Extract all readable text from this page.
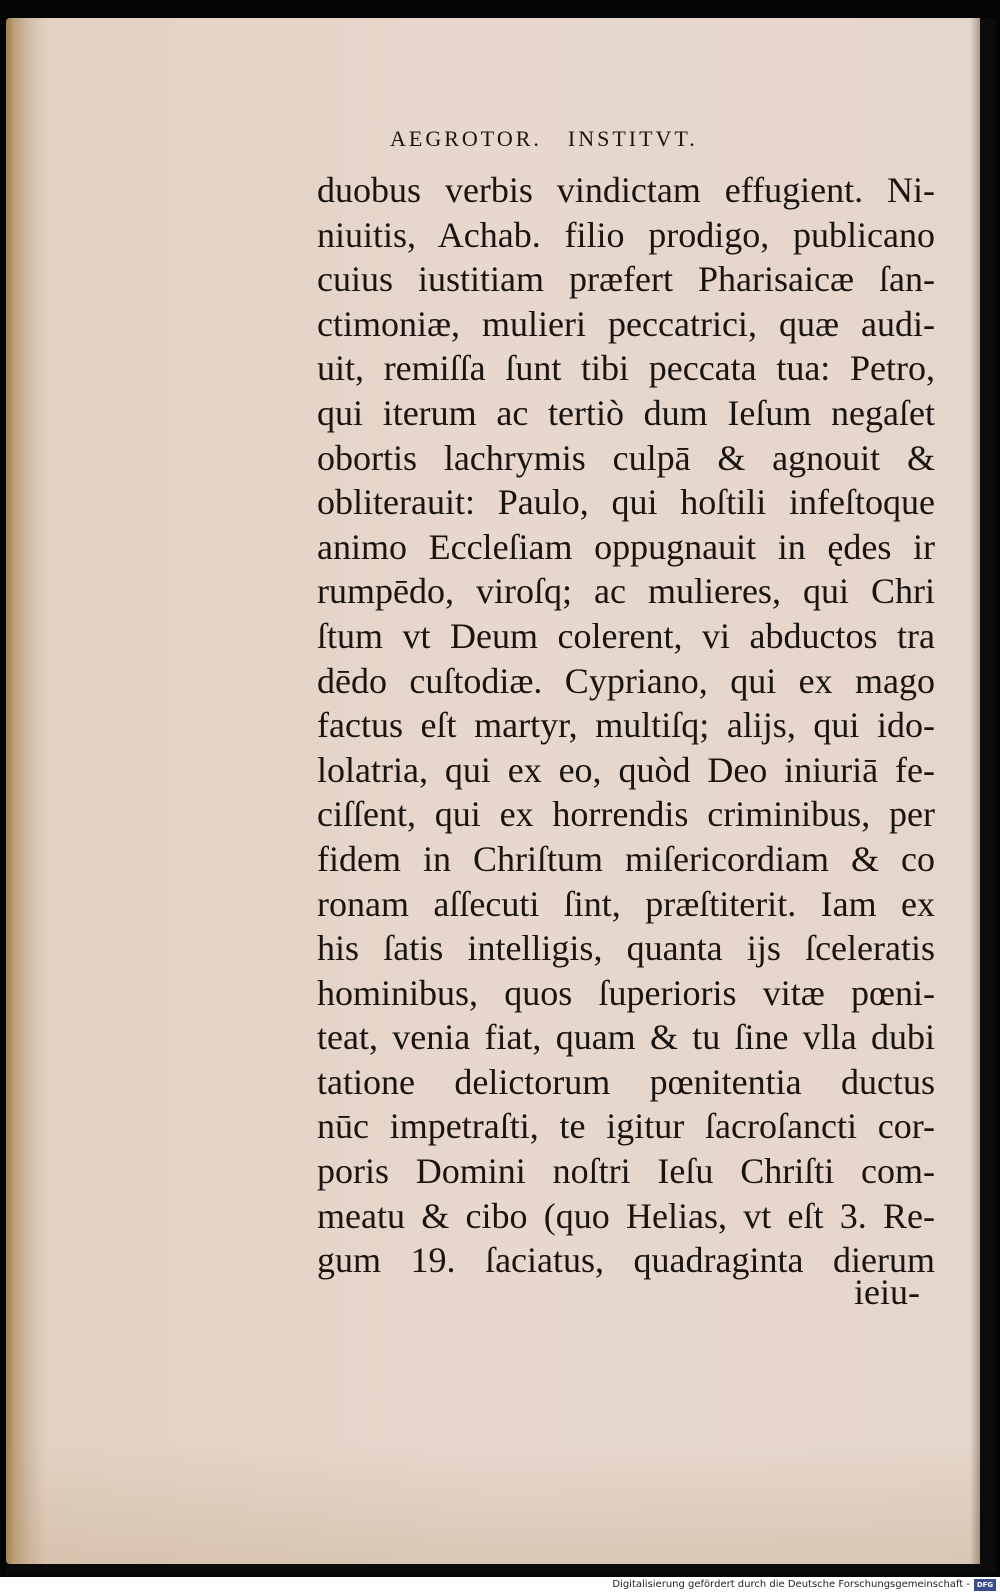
AEGROTOR. INSTITVT.
duobus verbis vindictam effugient. Ni-
niuitis, Achab. filio prodigo, publicano
cuius iustitiam præfert Pharisaicæ ſan-
ctimoniæ, mulieri peccatrici, quæ audi-
uit, remiſſa ſunt tibi peccata tua: Petro,
qui iterum ac tertiò dum Ieſum negaſet
obortis lachrymis culpā & agnouit &
obliterauit: Paulo, qui hoſtili infeſtoque
animo Eccleſiam oppugnauit in ędes ir
rumpēdo, viroſq; ac mulieres, qui Chri
ſtum vt Deum colerent, vi abductos tra
dēdo cuſtodiæ. Cypriano, qui ex mago
factus eſt martyr, multiſq; alijs, qui ido-
lolatria, qui ex eo, quòd Deo iniuriā fe-
ciſſent, qui ex horrendis criminibus, per
fidem in Chriſtum miſericordiam & co
ronam aſſecuti ſint, præſtiterit. Iam ex
his ſatis intelligis, quanta ijs ſceleratis
hominibus, quos ſuperioris vitæ pœni-
teat, venia fiat, quam & tu ſine vlla dubi
tatione delictorum pœnitentia ductus
nūc impetraſti, te igitur ſacroſancti cor-
poris Domini noſtri Ieſu Chriſti com-
meatu & cibo (quo Helias, vt eſt 3. Re-
gum 19. ſaciatus, quadraginta dierum
ieiu-
Digitalisierung gefördert durch die Deutsche Forschungsgemeinschaft - DFG
